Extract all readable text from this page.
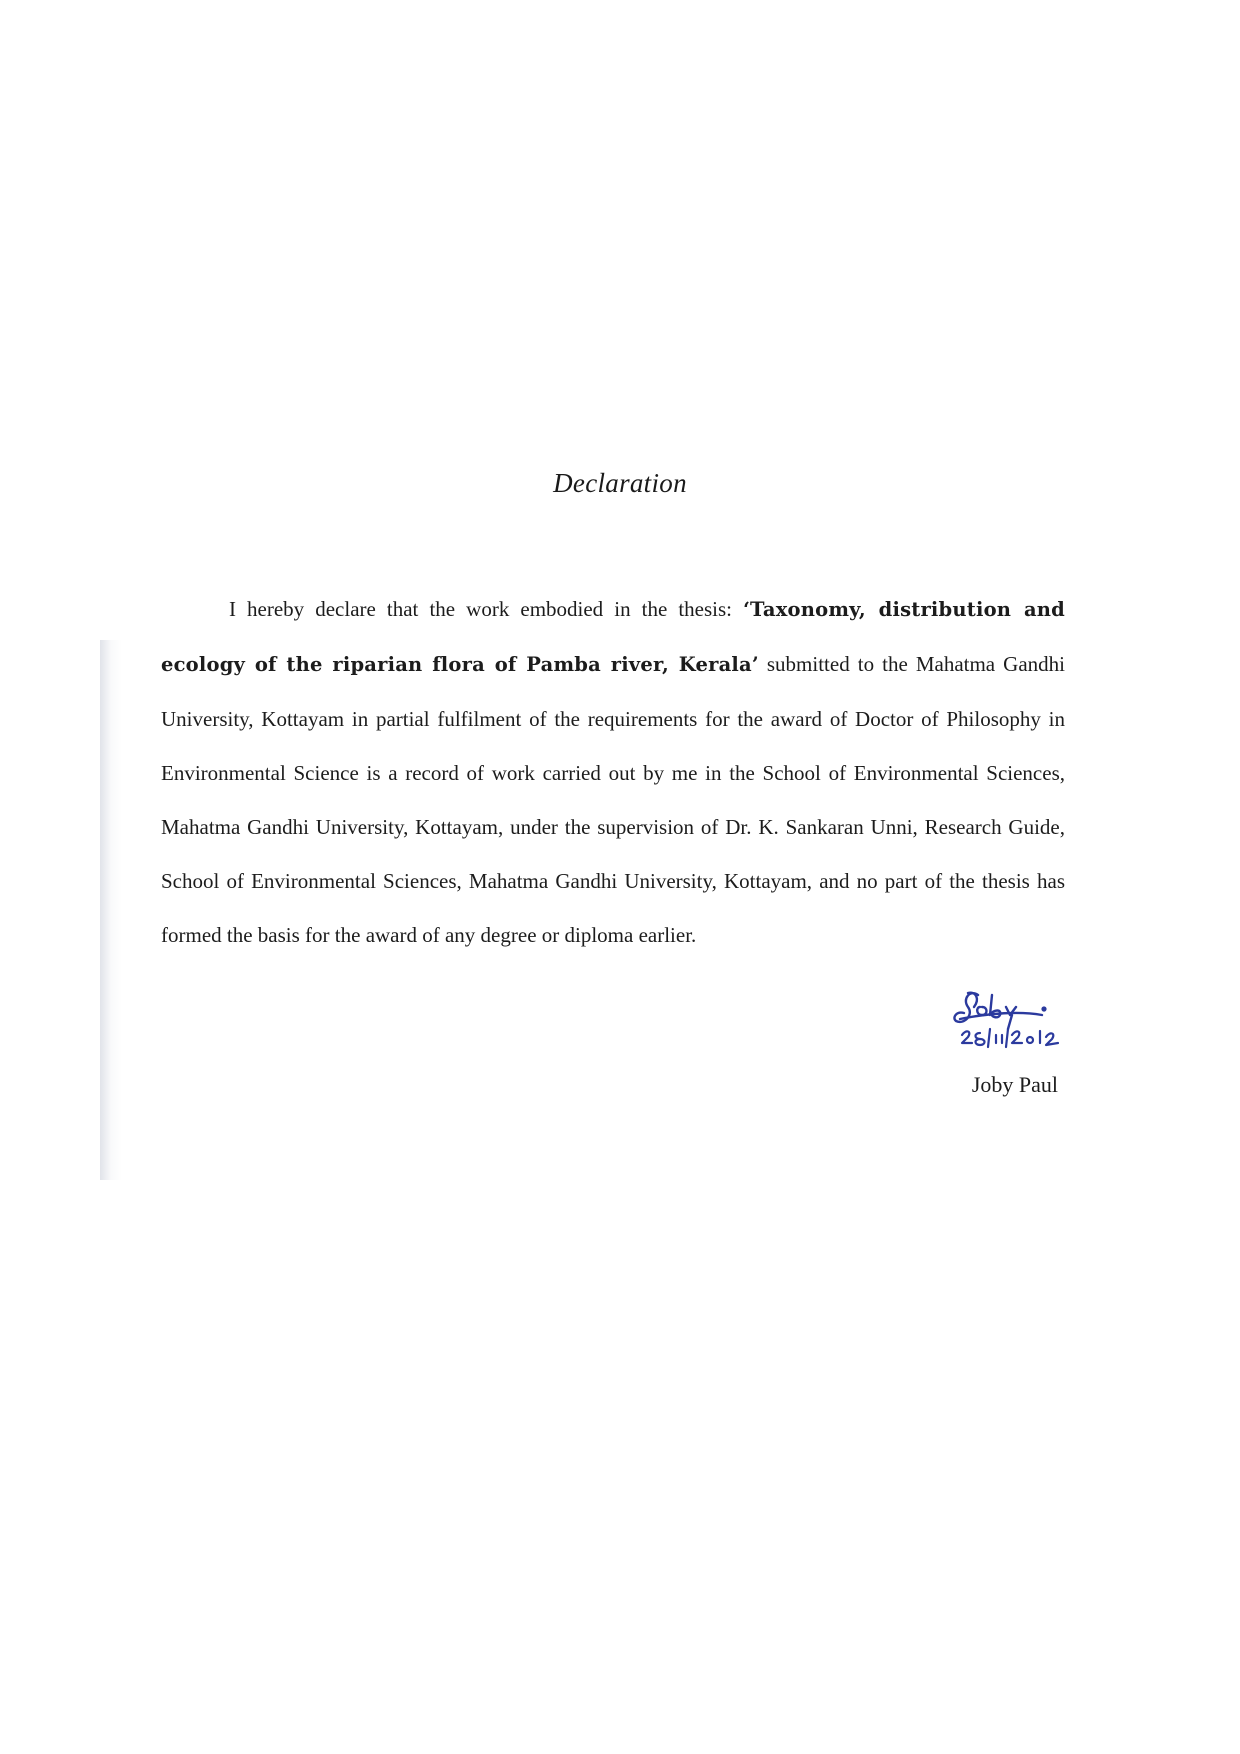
Declaration
I hereby declare that the work embodied in the thesis: ‘Taxonomy, distribution and ecology of the riparian flora of Pamba river, Kerala’ submitted to the Mahatma Gandhi University, Kottayam in partial fulfilment of the requirements for the award of Doctor of Philosophy in Environmental Science is a record of work carried out by me in the School of Environmental Sciences, Mahatma Gandhi University, Kottayam, under the supervision of Dr. K. Sankaran Unni, Research Guide, School of Environmental Sciences, Mahatma Gandhi University, Kottayam, and no part of the thesis has formed the basis for the award of any degree or diploma earlier.
Joby Paul
